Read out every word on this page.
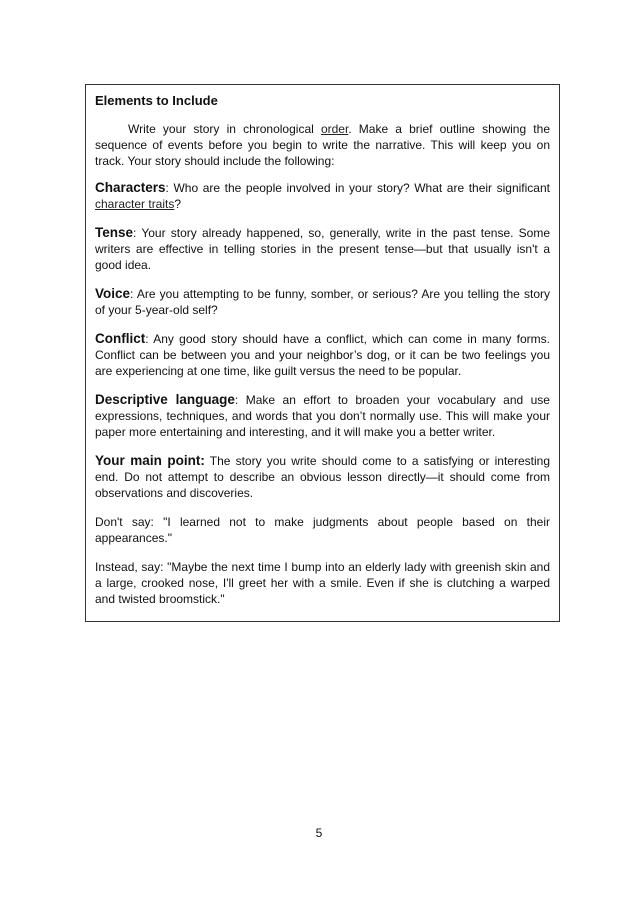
Elements to Include

Write your story in chronological order. Make a brief outline showing the sequence of events before you begin to write the narrative. This will keep you on track. Your story should include the following:

Characters: Who are the people involved in your story? What are their significant character traits?

Tense: Your story already happened, so, generally, write in the past tense. Some writers are effective in telling stories in the present tense—but that usually isn't a good idea.

Voice: Are you attempting to be funny, somber, or serious? Are you telling the story of your 5-year-old self?

Conflict: Any good story should have a conflict, which can come in many forms. Conflict can be between you and your neighbor’s dog, or it can be two feelings you are experiencing at one time, like guilt versus the need to be popular.

Descriptive language: Make an effort to broaden your vocabulary and use expressions, techniques, and words that you don’t normally use. This will make your paper more entertaining and interesting, and it will make you a better writer.

Your main point: The story you write should come to a satisfying or interesting end. Do not attempt to describe an obvious lesson directly—it should come from observations and discoveries.

Don't say: "I learned not to make judgments about people based on their appearances."

Instead, say: "Maybe the next time I bump into an elderly lady with greenish skin and a large, crooked nose, I'll greet her with a smile. Even if she is clutching a warped and twisted broomstick."

5
